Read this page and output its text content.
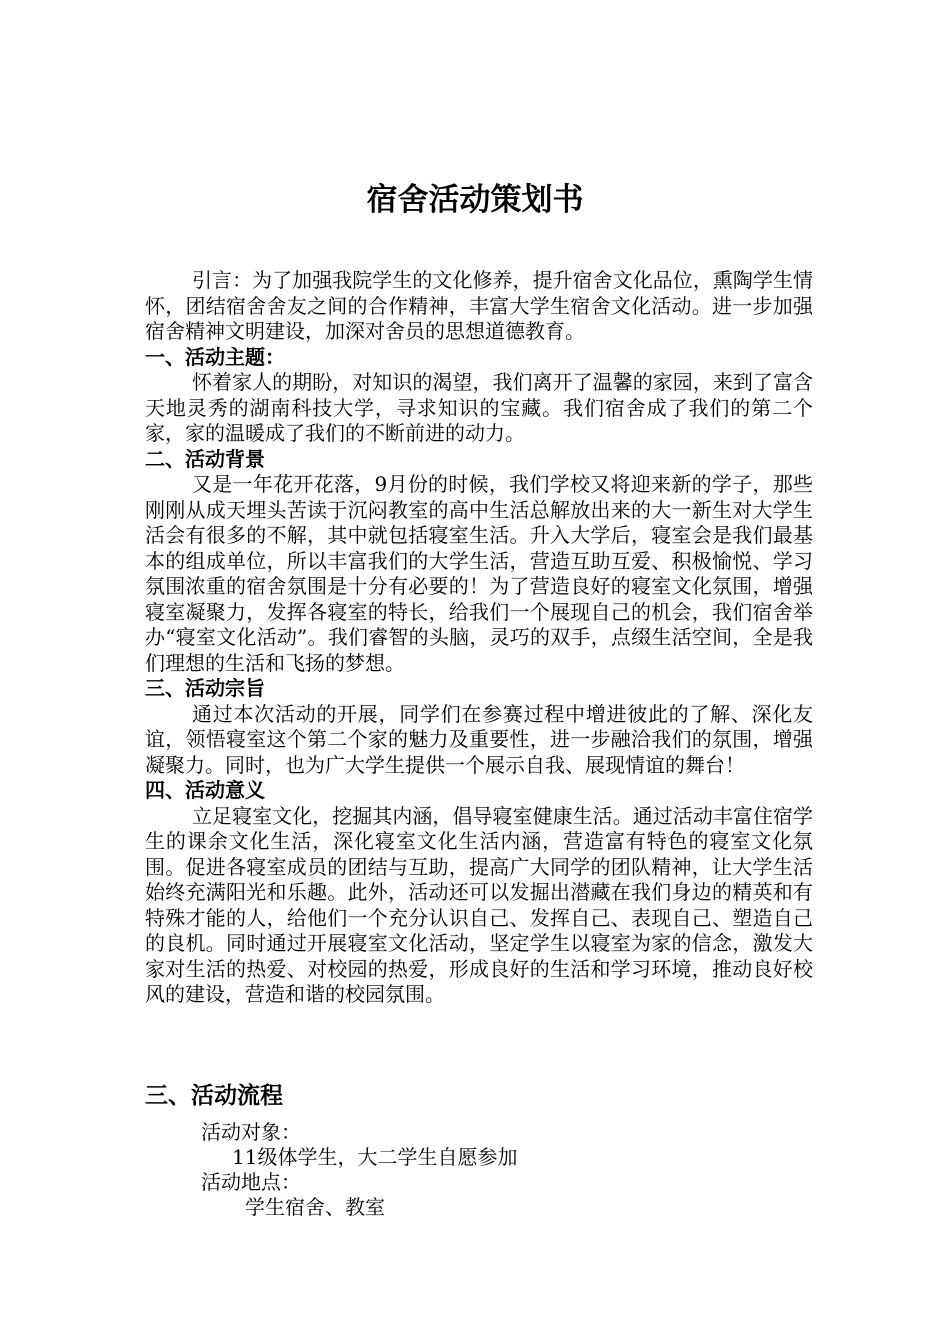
宿舍活动策划书

引言：为了加强我院学生的文化修养，提升宿舍文化品位，熏陶学生情怀，团结宿舍舍友之间的合作精神，丰富大学生宿舍文化活动。进一步加强宿舍精神文明建设，加深对舍员的思想道德教育。

一、活动主题：

怀着家人的期盼，对知识的渴望，我们离开了温馨的家园，来到了富含天地灵秀的湖南科技大学，寻求知识的宝藏。我们宿舍成了我们的第二个家，家的温暖成了我们的不断前进的动力。

二、活动背景

又是一年花开花落，9月份的时候，我们学校又将迎来新的学子，那些刚刚从成天埋头苦读于沉闷教室的高中生活总解放出来的大一新生对大学生活会有很多的不解，其中就包括寝室生活。升入大学后，寝室会是我们最基本的组成单位，所以丰富我们的大学生活，营造互助互爱、积极愉悦、学习氛围浓重的宿舍氛围是十分有必要的！为了营造良好的寝室文化氛围，增强寝室凝聚力，发挥各寝室的特长，给我们一个展现自己的机会，我们宿舍举办“寝室文化活动”。我们睿智的头脑，灵巧的双手，点缀生活空间，全是我们理想的生活和飞扬的梦想。

三、活动宗旨

通过本次活动的开展，同学们在参赛过程中增进彼此的了解、深化友谊，领悟寝室这个第二个家的魅力及重要性，进一步融洽我们的氛围，增强凝聚力。同时，也为广大学生提供一个展示自我、展现情谊的舞台！

四、活动意义

立足寝室文化，挖掘其内涵，倡导寝室健康生活。通过活动丰富住宿学生的课余文化生活，深化寝室文化生活内涵，营造富有特色的寝室文化氛围。促进各寝室成员的团结与互助，提高广大同学的团队精神，让大学生活始终充满阳光和乐趣。此外，活动还可以发掘出潜藏在我们身边的精英和有特殊才能的人，给他们一个充分认识自己、发挥自己、表现自己、塑造自己的良机。同时通过开展寝室文化活动，坚定学生以寝室为家的信念，激发大家对生活的热爱、对校园的热爱，形成良好的生活和学习环境，推动良好校风的建设，营造和谐的校园氛围。

三、活动流程
活动对象：
11级体学生，大二学生自愿参加
活动地点：
学生宿舍、教室
